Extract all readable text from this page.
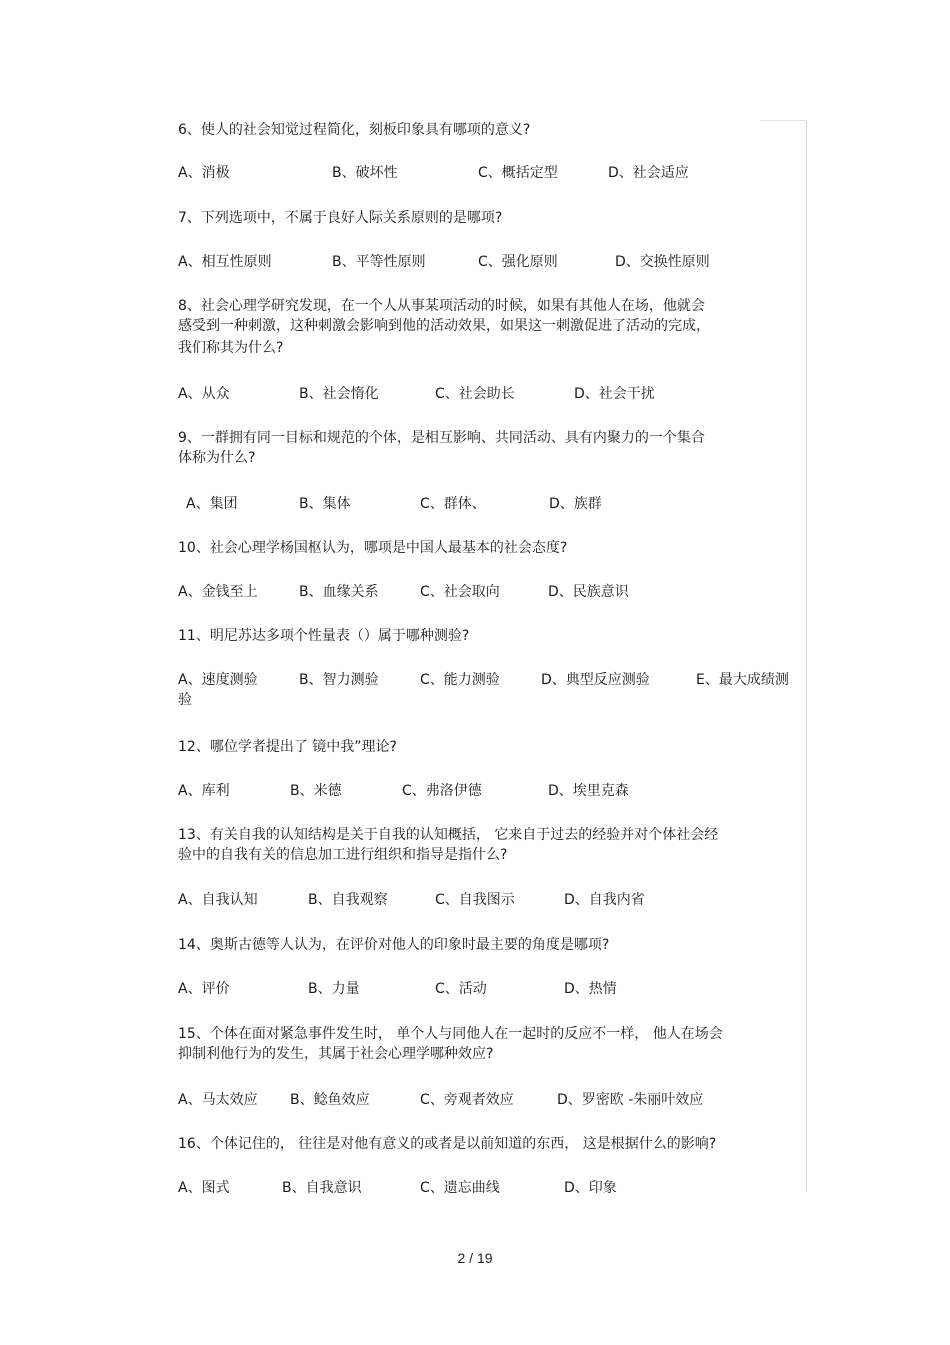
6、使人的社会知觉过程简化，刻板印象具有哪项的意义?
A、消极	B、破坏性	C、概括定型	D、社会适应
7、下列选项中，不属于良好人际关系原则的是哪项?
A、相互性原则	B、平等性原则	C、强化原则	D、交换性原则
8、社会心理学研究发现，在一个人从事某项活动的时候，如果有其他人在场，他就会
感受到一种刺激，这种刺激会影响到他的活动效果，如果这一刺激促进了活动的完成，
我们称其为什么?
A、从众	B、社会惰化	C、社会助长	D、社会干扰
9、一群拥有同一目标和规范的个体，是相互影响、共同活动、具有内聚力的一个集合
体称为什么?
A、集团	B、集体	C、群体、	D、族群
10、社会心理学杨国枢认为，哪项是中国人最基本的社会态度?
A、金钱至上	B、血缘关系	C、社会取向	D、民族意识
11、明尼苏达多项个性量表（）属于哪种测验?
A、速度测验	B、智力测验	C、能力测验	D、典型反应测验	E、最大成绩测
验
12、哪位学者提出了 镜中我”理论?
A、库利	B、米德	C、弗洛伊德	D、埃里克森
13、有关自我的认知结构是关于自我的认知概括， 它来自于过去的经验并对个体社会经
验中的自我有关的信息加工进行组织和指导是指什么?
A、自我认知	B、自我观察	C、自我图示	D、自我内省
14、奥斯古德等人认为，在评价对他人的印象时最主要的角度是哪项?
A、评价	B、力量	C、活动	D、热情
15、个体在面对紧急事件发生时， 单个人与同他人在一起时的反应不一样， 他人在场会
抑制利他行为的发生，其属于社会心理学哪种效应?
A、马太效应 B、鲶鱼效应	C、旁观者效应	D、罗密欧 -朱丽叶效应
16、个体记住的， 往往是对他有意义的或者是以前知道的东西， 这是根据什么的影响?
A、图式	B、自我意识	C、遗忘曲线	D、印象
2 / 19
